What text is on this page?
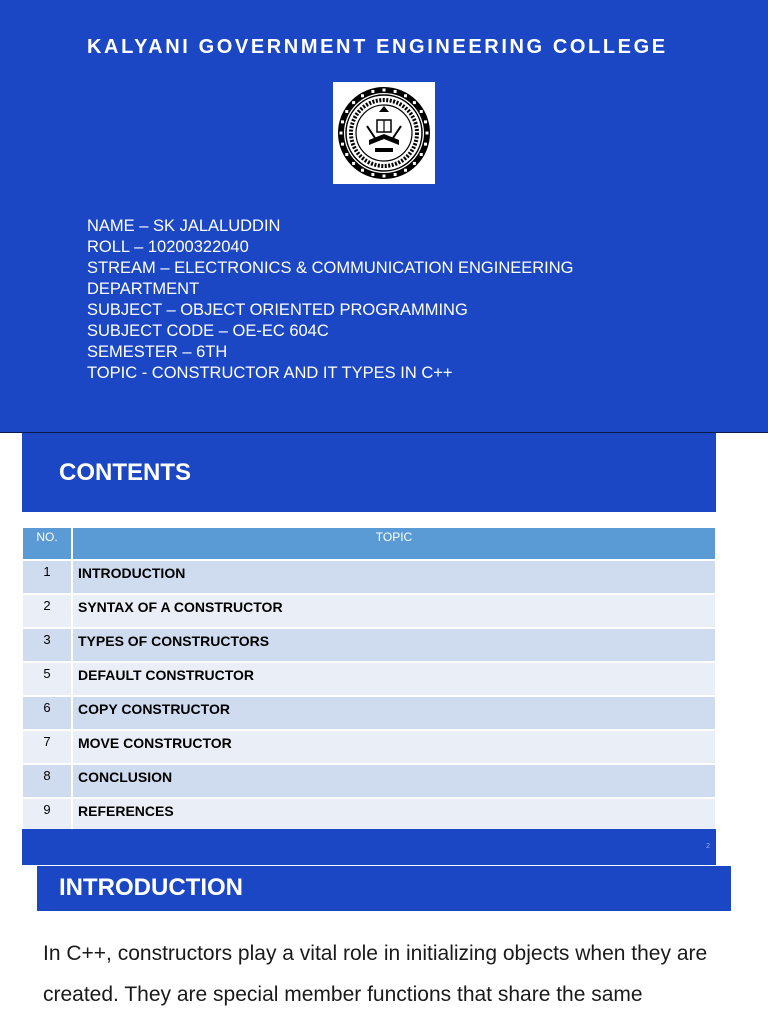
KALYANI GOVERNMENT ENGINEERING COLLEGE
NAME – SK JALALUDDIN
ROLL – 10200322040
STREAM – ELECTRONICS & COMMUNICATION ENGINEERING
DEPARTMENT
SUBJECT – OBJECT ORIENTED PROGRAMMING
SUBJECT CODE – OE-EC 604C
SEMESTER – 6TH
TOPIC - CONSTRUCTOR AND IT TYPES IN C++
CONTENTS
NO.	TOPIC
1	INTRODUCTION
2	SYNTAX OF A CONSTRUCTOR
3	TYPES OF CONSTRUCTORS
5	DEFAULT CONSTRUCTOR
6	COPY CONSTRUCTOR
7	MOVE CONSTRUCTOR
8	CONCLUSION
9	REFERENCES
2
INTRODUCTION

In C++, constructors play a vital role in initializing objects when they are created. They are special member functions that share the same
